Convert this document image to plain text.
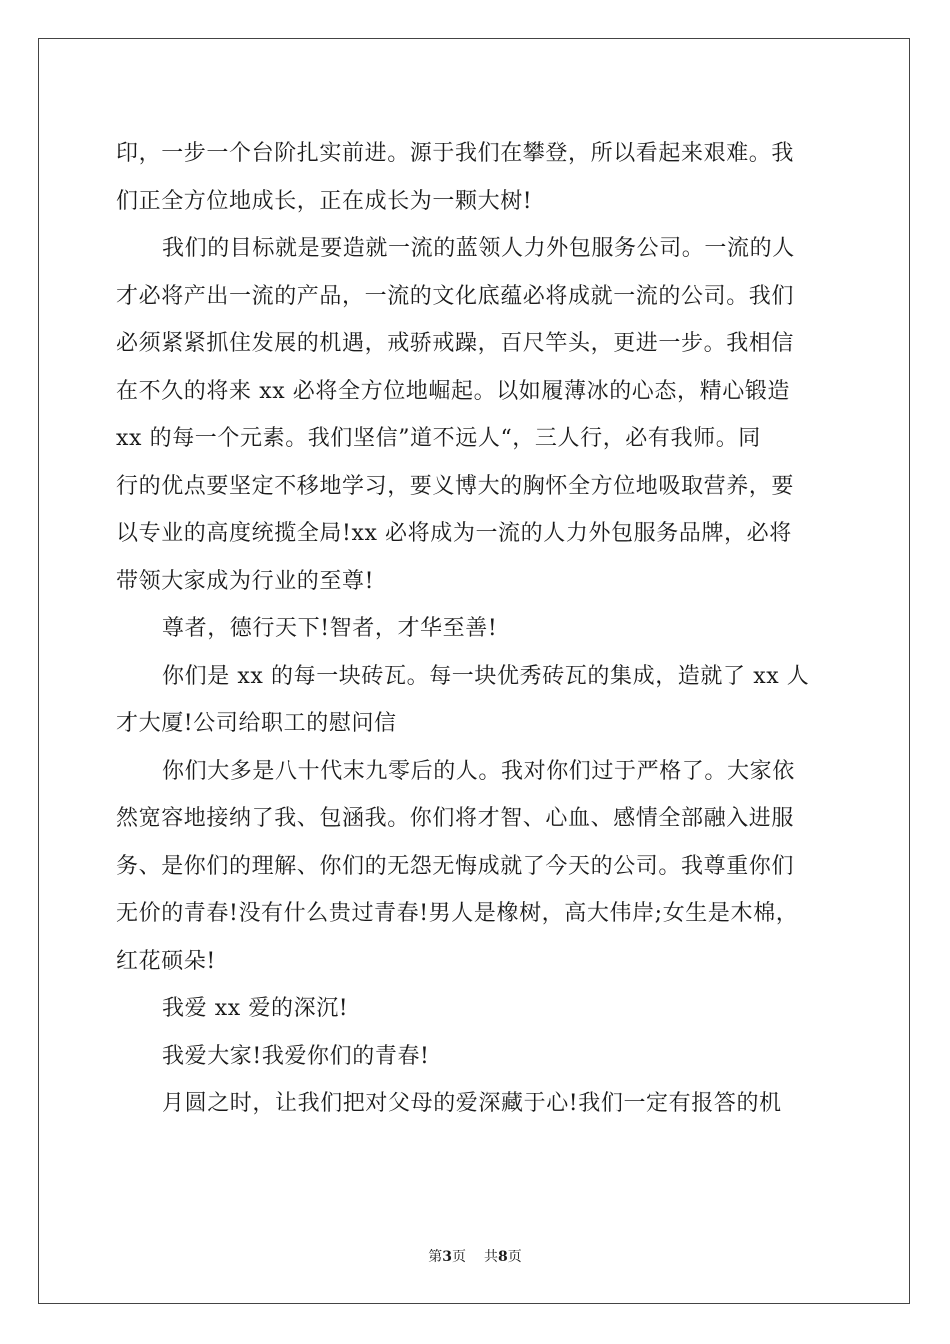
印，一步一个台阶扎实前进。源于我们在攀登，所以看起来艰难。我
们正全方位地成长，正在成长为一颗大树!
我们的目标就是要造就一流的蓝领人力外包服务公司。一流的人
才必将产出一流的产品，一流的文化底蕴必将成就一流的公司。我们
必须紧紧抓住发展的机遇，戒骄戒躁，百尺竿头，更进一步。我相信
在不久的将来 xx 必将全方位地崛起。以如履薄冰的心态，精心锻造
xx 的每一个元素。我们坚信”道不远人“，三人行，必有我师。同
行的优点要坚定不移地学习，要义博大的胸怀全方位地吸取营养，要
以专业的高度统揽全局!xx 必将成为一流的人力外包服务品牌，必将
带领大家成为行业的至尊!
尊者，德行天下!智者，才华至善!
你们是 xx 的每一块砖瓦。每一块优秀砖瓦的集成，造就了 xx 人
才大厦!公司给职工的慰问信
你们大多是八十代末九零后的人。我对你们过于严格了。大家依
然宽容地接纳了我、包涵我。你们将才智、心血、感情全部融入进服
务、是你们的理解、你们的无怨无悔成就了今天的公司。我尊重你们
无价的青春!没有什么贵过青春!男人是橡树，高大伟岸;女生是木棉，
红花硕朵!
我爱 xx 爱的深沉!
我爱大家!我爱你们的青春!
月圆之时，让我们把对父母的爱深藏于心!我们一定有报答的机
第3页 共8页
